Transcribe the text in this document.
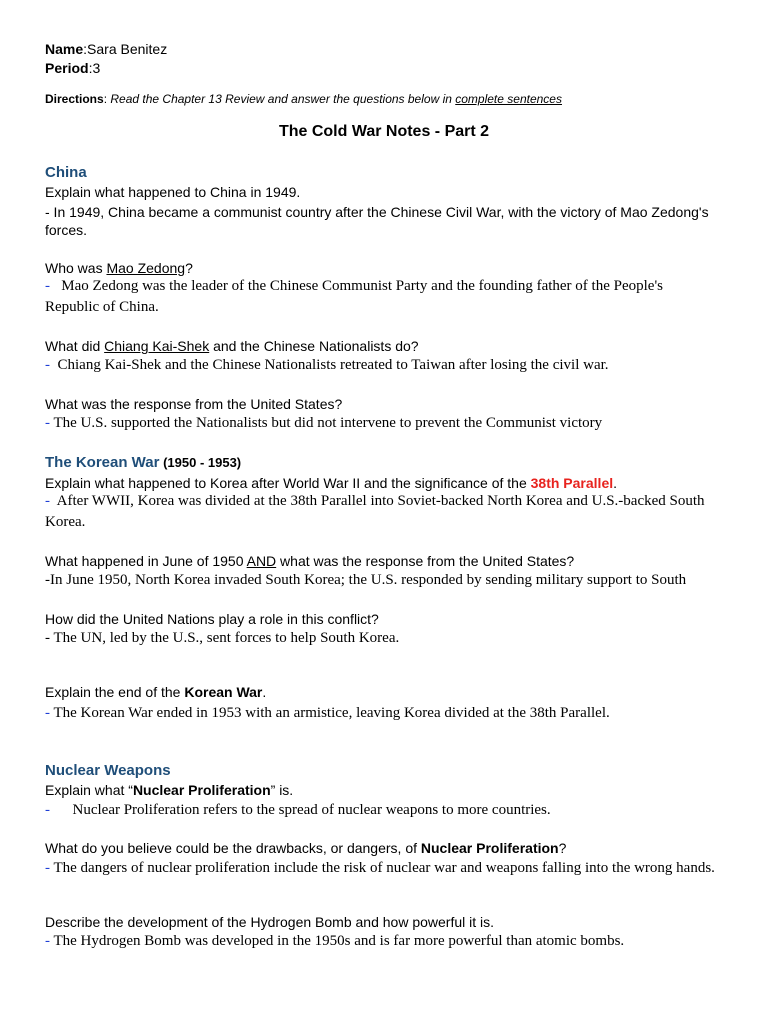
Name:Sara Benitez
Period:3
Directions: Read the Chapter 13 Review and answer the questions below in complete sentences
The Cold War Notes - Part 2
China
Explain what happened to China in 1949.
- In 1949, China became a communist country after the Chinese Civil War, with the victory of Mao Zedong's
forces.
Who was Mao Zedong?
-   Mao Zedong was the leader of the Chinese Communist Party and the founding father of the People's
Republic of China.
What did Chiang Kai-Shek and the Chinese Nationalists do?
-  Chiang Kai-Shek and the Chinese Nationalists retreated to Taiwan after losing the civil war.
What was the response from the United States?
- The U.S. supported the Nationalists but did not intervene to prevent the Communist victory
The Korean War (1950 - 1953)
Explain what happened to Korea after World War II and the significance of the 38th Parallel.
-  After WWII, Korea was divided at the 38th Parallel into Soviet-backed North Korea and U.S.-backed South
Korea.
What happened in June of 1950 AND what was the response from the United States?
-In June 1950, North Korea invaded South Korea; the U.S. responded by sending military support to South
How did the United Nations play a role in this conflict?
- The UN, led by the U.S., sent forces to help South Korea.
Explain the end of the Korean War.
- The Korean War ended in 1953 with an armistice, leaving Korea divided at the 38th Parallel.
Nuclear Weapons
Explain what “Nuclear Proliferation” is.
-      Nuclear Proliferation refers to the spread of nuclear weapons to more countries.
What do you believe could be the drawbacks, or dangers, of Nuclear Proliferation?
- The dangers of nuclear proliferation include the risk of nuclear war and weapons falling into the wrong hands.
Describe the development of the Hydrogen Bomb and how powerful it is.
- The Hydrogen Bomb was developed in the 1950s and is far more powerful than atomic bombs.
